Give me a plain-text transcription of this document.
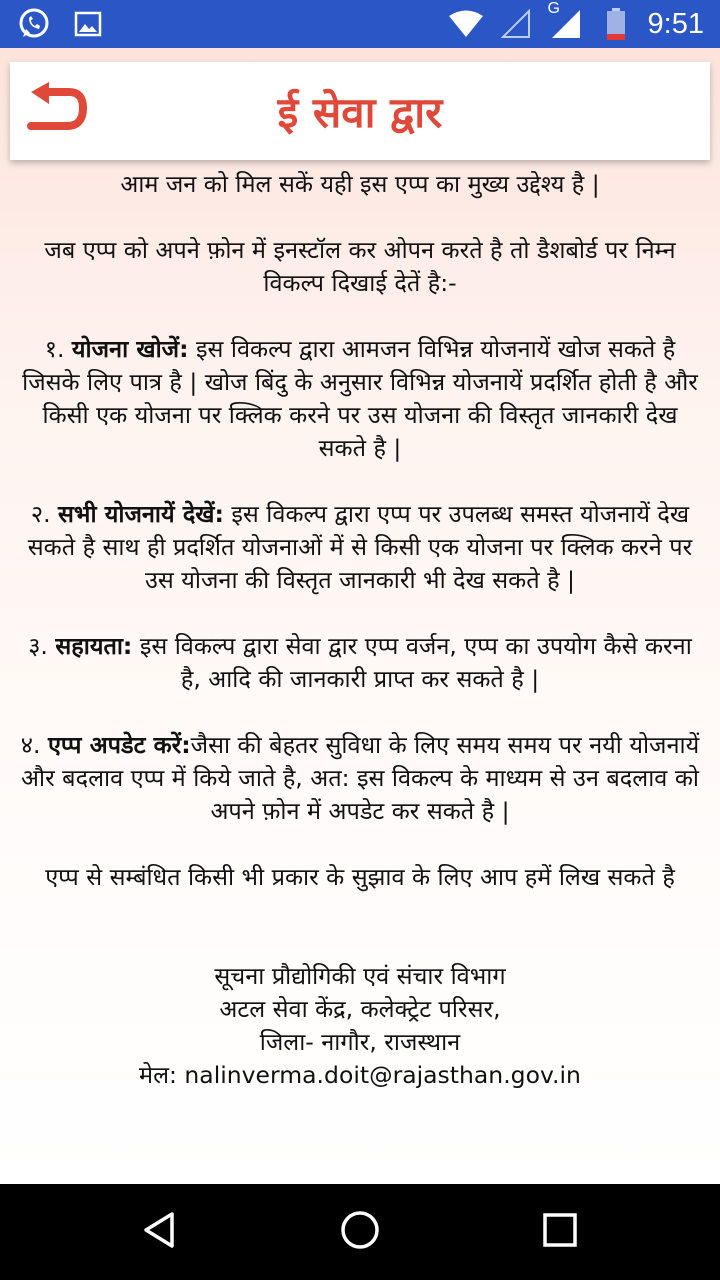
G	9:51

आम जन को मिल सकें यही इस एप्प का मुख्य उद्देश्य है |

जब एप्प को अपने फ़ोन में इनस्टॉल कर ओपन करते है तो डैशबोर्ड पर निम्न विकल्प दिखाई देतें है:-

१. योजना खोजें: इस विकल्प द्वारा आमजन विभिन्न योजनायें खोज सकते है जिसके लिए पात्र है | खोज बिंदु के अनुसार विभिन्न योजनायें प्रदर्शित होती है और किसी एक योजना पर क्लिक करने पर उस योजना की विस्तृत जानकारी देख सकते है |

२. सभी योजनायें देखें: इस विकल्प द्वारा एप्प पर उपलब्ध समस्त योजनायें देख सकते है साथ ही प्रदर्शित योजनाओं में से किसी एक योजना पर क्लिक करने पर उस योजना की विस्तृत जानकारी भी देख सकते है |

३. सहायता: इस विकल्प द्वारा सेवा द्वार एप्प वर्जन, एप्प का उपयोग कैसे करना है, आदि की जानकारी प्राप्त कर सकते है |

४. एप्प अपडेट करें:जैसा की बेहतर सुविधा के लिए समय समय पर नयी योजनायें और बदलाव एप्प में किये जाते है, अत: इस विकल्प के माध्यम से उन बदलाव को अपने फ़ोन में अपडेट कर सकते है |

एप्प से सम्बंधित किसी भी प्रकार के सुझाव के लिए आप हमें लिख सकते है

सूचना प्रौद्योगिकी एवं संचार विभाग

अटल सेवा केंद्र, कलेक्ट्रेट परिसर,

जिला- नागौर, राजस्थान

मेल: nalinverma.doit@rajasthan.gov.in

ई सेवा द्वार
